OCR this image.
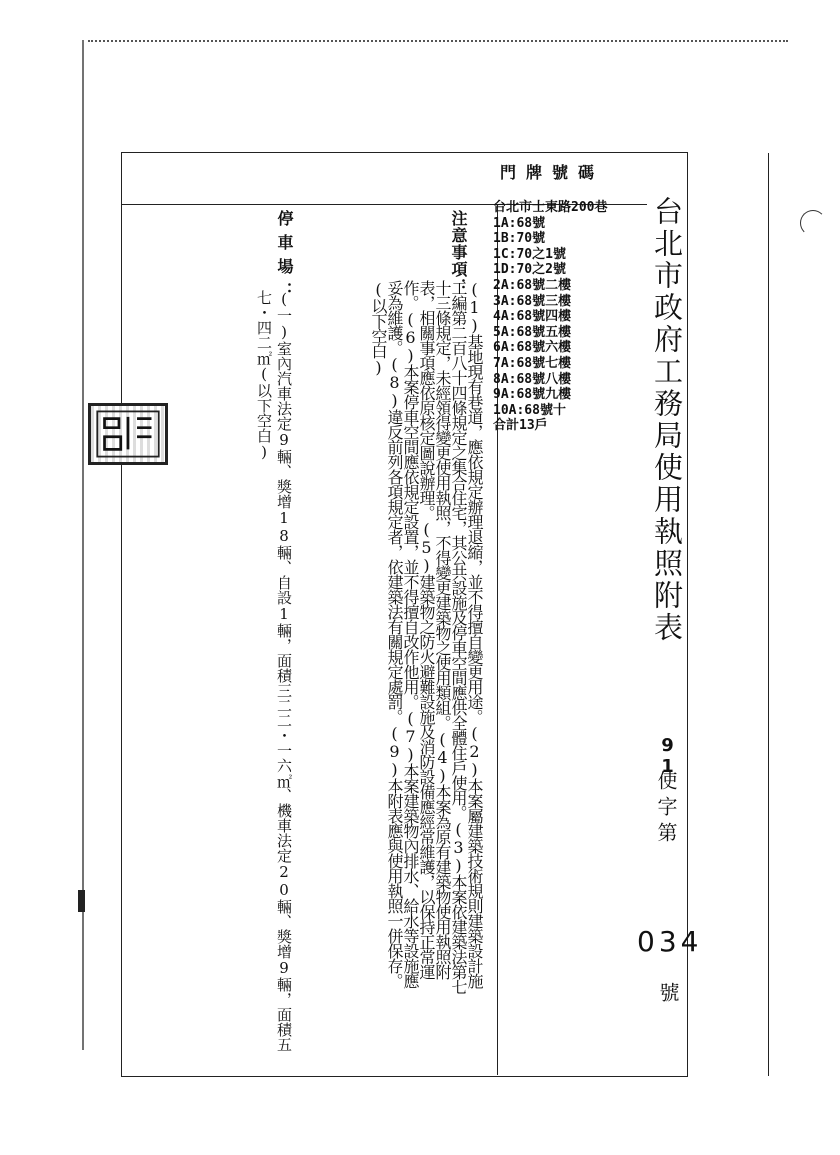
門牌號碼
台北市政府工務局使用執照附表
台北市士東路200巷
1A:68號
1B:70號
1C:70之1號
1D:70之2號
2A:68號二樓
3A:68號三樓
4A:68號四樓
5A:68號五樓
6A:68號六樓
7A:68號七樓
8A:68號八樓
9A:68號九樓
10A:68號十
合計13戶
注意事項：
(1)基地現有巷道，應依規定辦理退縮，並不得擅自變更用途。(2)本案屬建築技術規則建築設計施工編第二百八十四條規定之集合住宅，其公共設施及停車空間應供全體住戶使用。(3)本案依建築法第七十三條規定，未經領得變更使用執照，不得變更建築物之使用類組。(4)本案為原有建築物使用執照附表，相關事項應依原核定圖說辦理。(5)建築物之防火避難設施及消防設備應經常維護，以保持正常運作。(6)本案停車空間應依規定設置，並不得擅自改作他用。(7)本案建築物內排水、給水等設施應妥為維護。(8)違反前列各項規定者，依建築法有關規定處罰。(9)本附表應與使用執照一併保存。(以下空白)
停車場：
(一)室內汽車法定9輛、獎增18輛、自設1輛，面積三二二・一六㎡、機車法定20輛、獎增9輛，面積五
七・四二㎡(以下空白)
91
使字第
034
號
